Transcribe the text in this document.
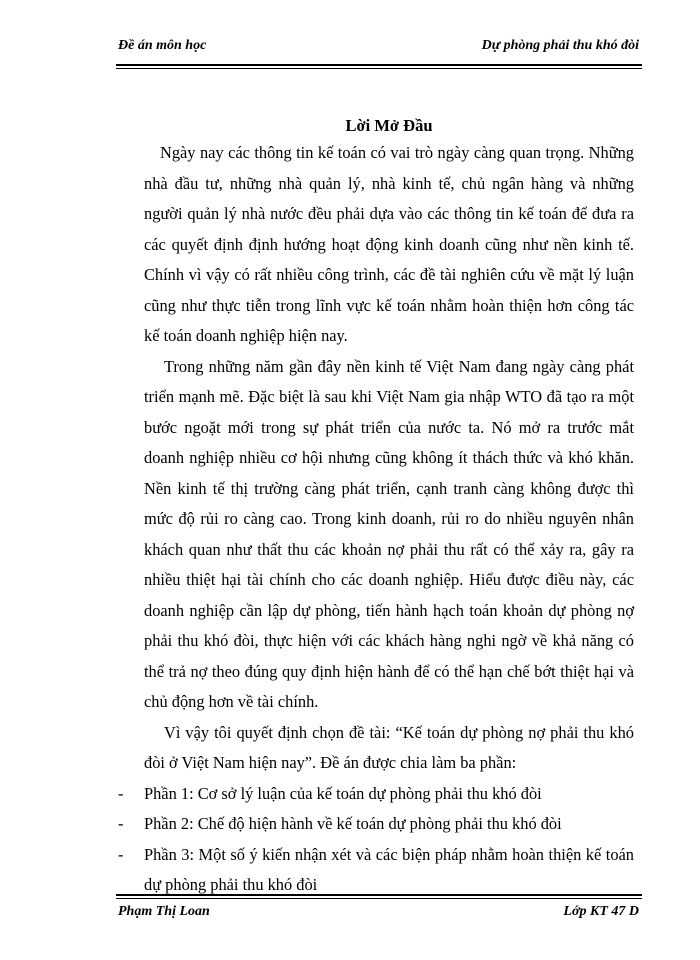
Đề án môn học	Dự phòng phải thu khó đòi
Lời Mở Đầu

Ngày nay các thông tin kế toán có vai trò ngày càng quan trọng. Những nhà đầu tư, những nhà quản lý, nhà kinh tế, chủ ngân hàng và những người quản lý nhà nước đều phải dựa vào các thông tin kế toán để đưa ra các quyết định định hướng hoạt động kinh doanh cũng như nền kinh tế. Chính vì vậy có rất nhiều công trình, các đề tài nghiên cứu về mặt lý luận cũng như thực tiễn trong lĩnh vực kế toán nhằm hoàn thiện hơn công tác kế toán doanh nghiệp hiện nay.

Trong những năm gần đây nền kinh tế Việt Nam đang ngày càng phát triển mạnh mẽ. Đặc biệt là sau khi Việt Nam gia nhập WTO đã tạo ra một bước ngoặt mới trong sự phát triển của nước ta. Nó mở ra trước mắt doanh nghiệp nhiều cơ hội nhưng cũng không ít thách thức và khó khăn. Nền kinh tế thị trường càng phát triển, cạnh tranh càng không được thì mức độ rủi ro càng cao. Trong kinh doanh, rủi ro do nhiều nguyên nhân khách quan như thất thu các khoản nợ phải thu rất có thể xảy ra, gây ra nhiều thiệt hại tài chính cho các doanh nghiệp. Hiểu được điều này, các doanh nghiệp cần lập dự phòng, tiến hành hạch toán khoản dự phòng nợ phải thu khó đòi, thực hiện với các khách hàng nghi ngờ về khả năng có thể trả nợ theo đúng quy định hiện hành để có thể hạn chế bớt thiệt hại và chủ động hơn về tài chính.

Vì vậy tôi quyết định chọn đề tài: “Kế toán dự phòng nợ phải thu khó đòi ở Việt Nam hiện nay”. Đề án được chia làm ba phần:

- Phần 1: Cơ sở lý luận của kế toán dự phòng phải thu khó đòi
- Phần 2: Chế độ hiện hành về kế toán dự phòng phải thu khó đòi
- Phần 3: Một số ý kiến nhận xét và các biện pháp nhằm hoàn thiện kế toán dự phòng phải thu khó đòi
Phạm Thị Loan	Lớp KT 47 D
